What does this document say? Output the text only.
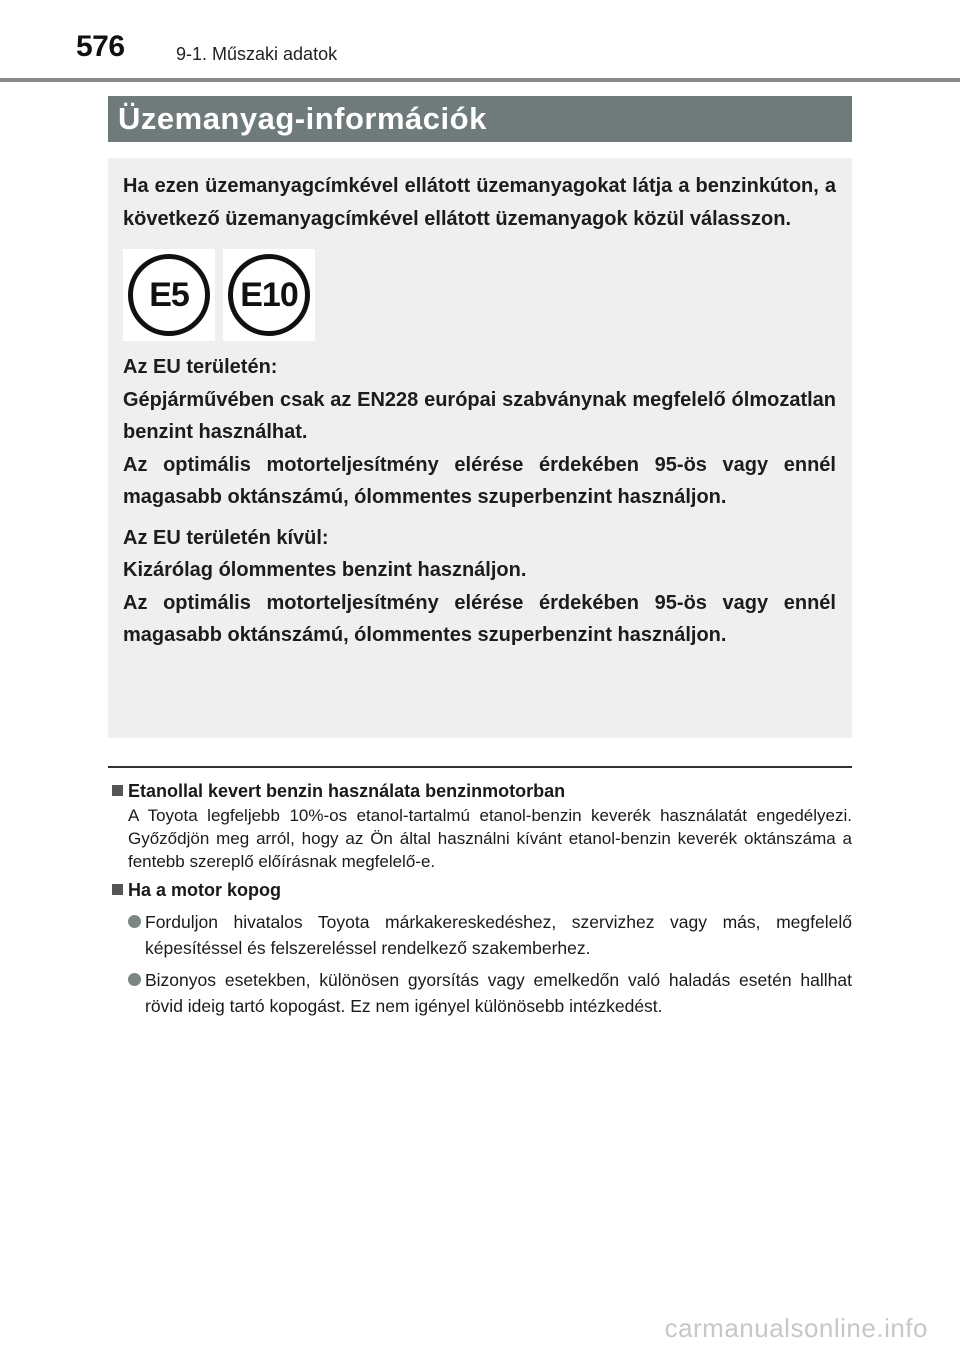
576	9-1. Műszaki adatok
Üzemanyag-információk

Ha ezen üzemanyagcímkével ellátott üzemanyagokat látja a benzinkúton, a következő üzemanyagcímkével ellátott üzemanyagok közül válasszon.

E5	E10

Az EU területén:

Gépjárművében csak az EN228 európai szabványnak megfelelő ólmozatlan benzint használhat.

Az optimális motorteljesítmény elérése érdekében 95-ös vagy ennél magasabb oktánszámú, ólommentes szuperbenzint használjon.

Az EU területén kívül:

Kizárólag ólommentes benzint használjon.

Az optimális motorteljesítmény elérése érdekében 95-ös vagy ennél magasabb oktánszámú, ólommentes szuperbenzint használjon.

Etanollal kevert benzin használata benzinmotorban
A Toyota legfeljebb 10%-os etanol-tartalmú etanol-benzin keverék használatát engedélyezi. Győződjön meg arról, hogy az Ön által használni kívánt etanol-benzin keverék oktánszáma a fentebb szereplő előírásnak megfelelő-e.
Ha a motor kopog
Forduljon hivatalos Toyota márkakereskedéshez, szervizhez vagy más, megfelelő képesítéssel és felszereléssel rendelkező szakemberhez.
Bizonyos esetekben, különösen gyorsítás vagy emelkedőn való haladás esetén hallhat rövid ideig tartó kopogást. Ez nem igényel különösebb intézkedést.
carmanualsonline.info
